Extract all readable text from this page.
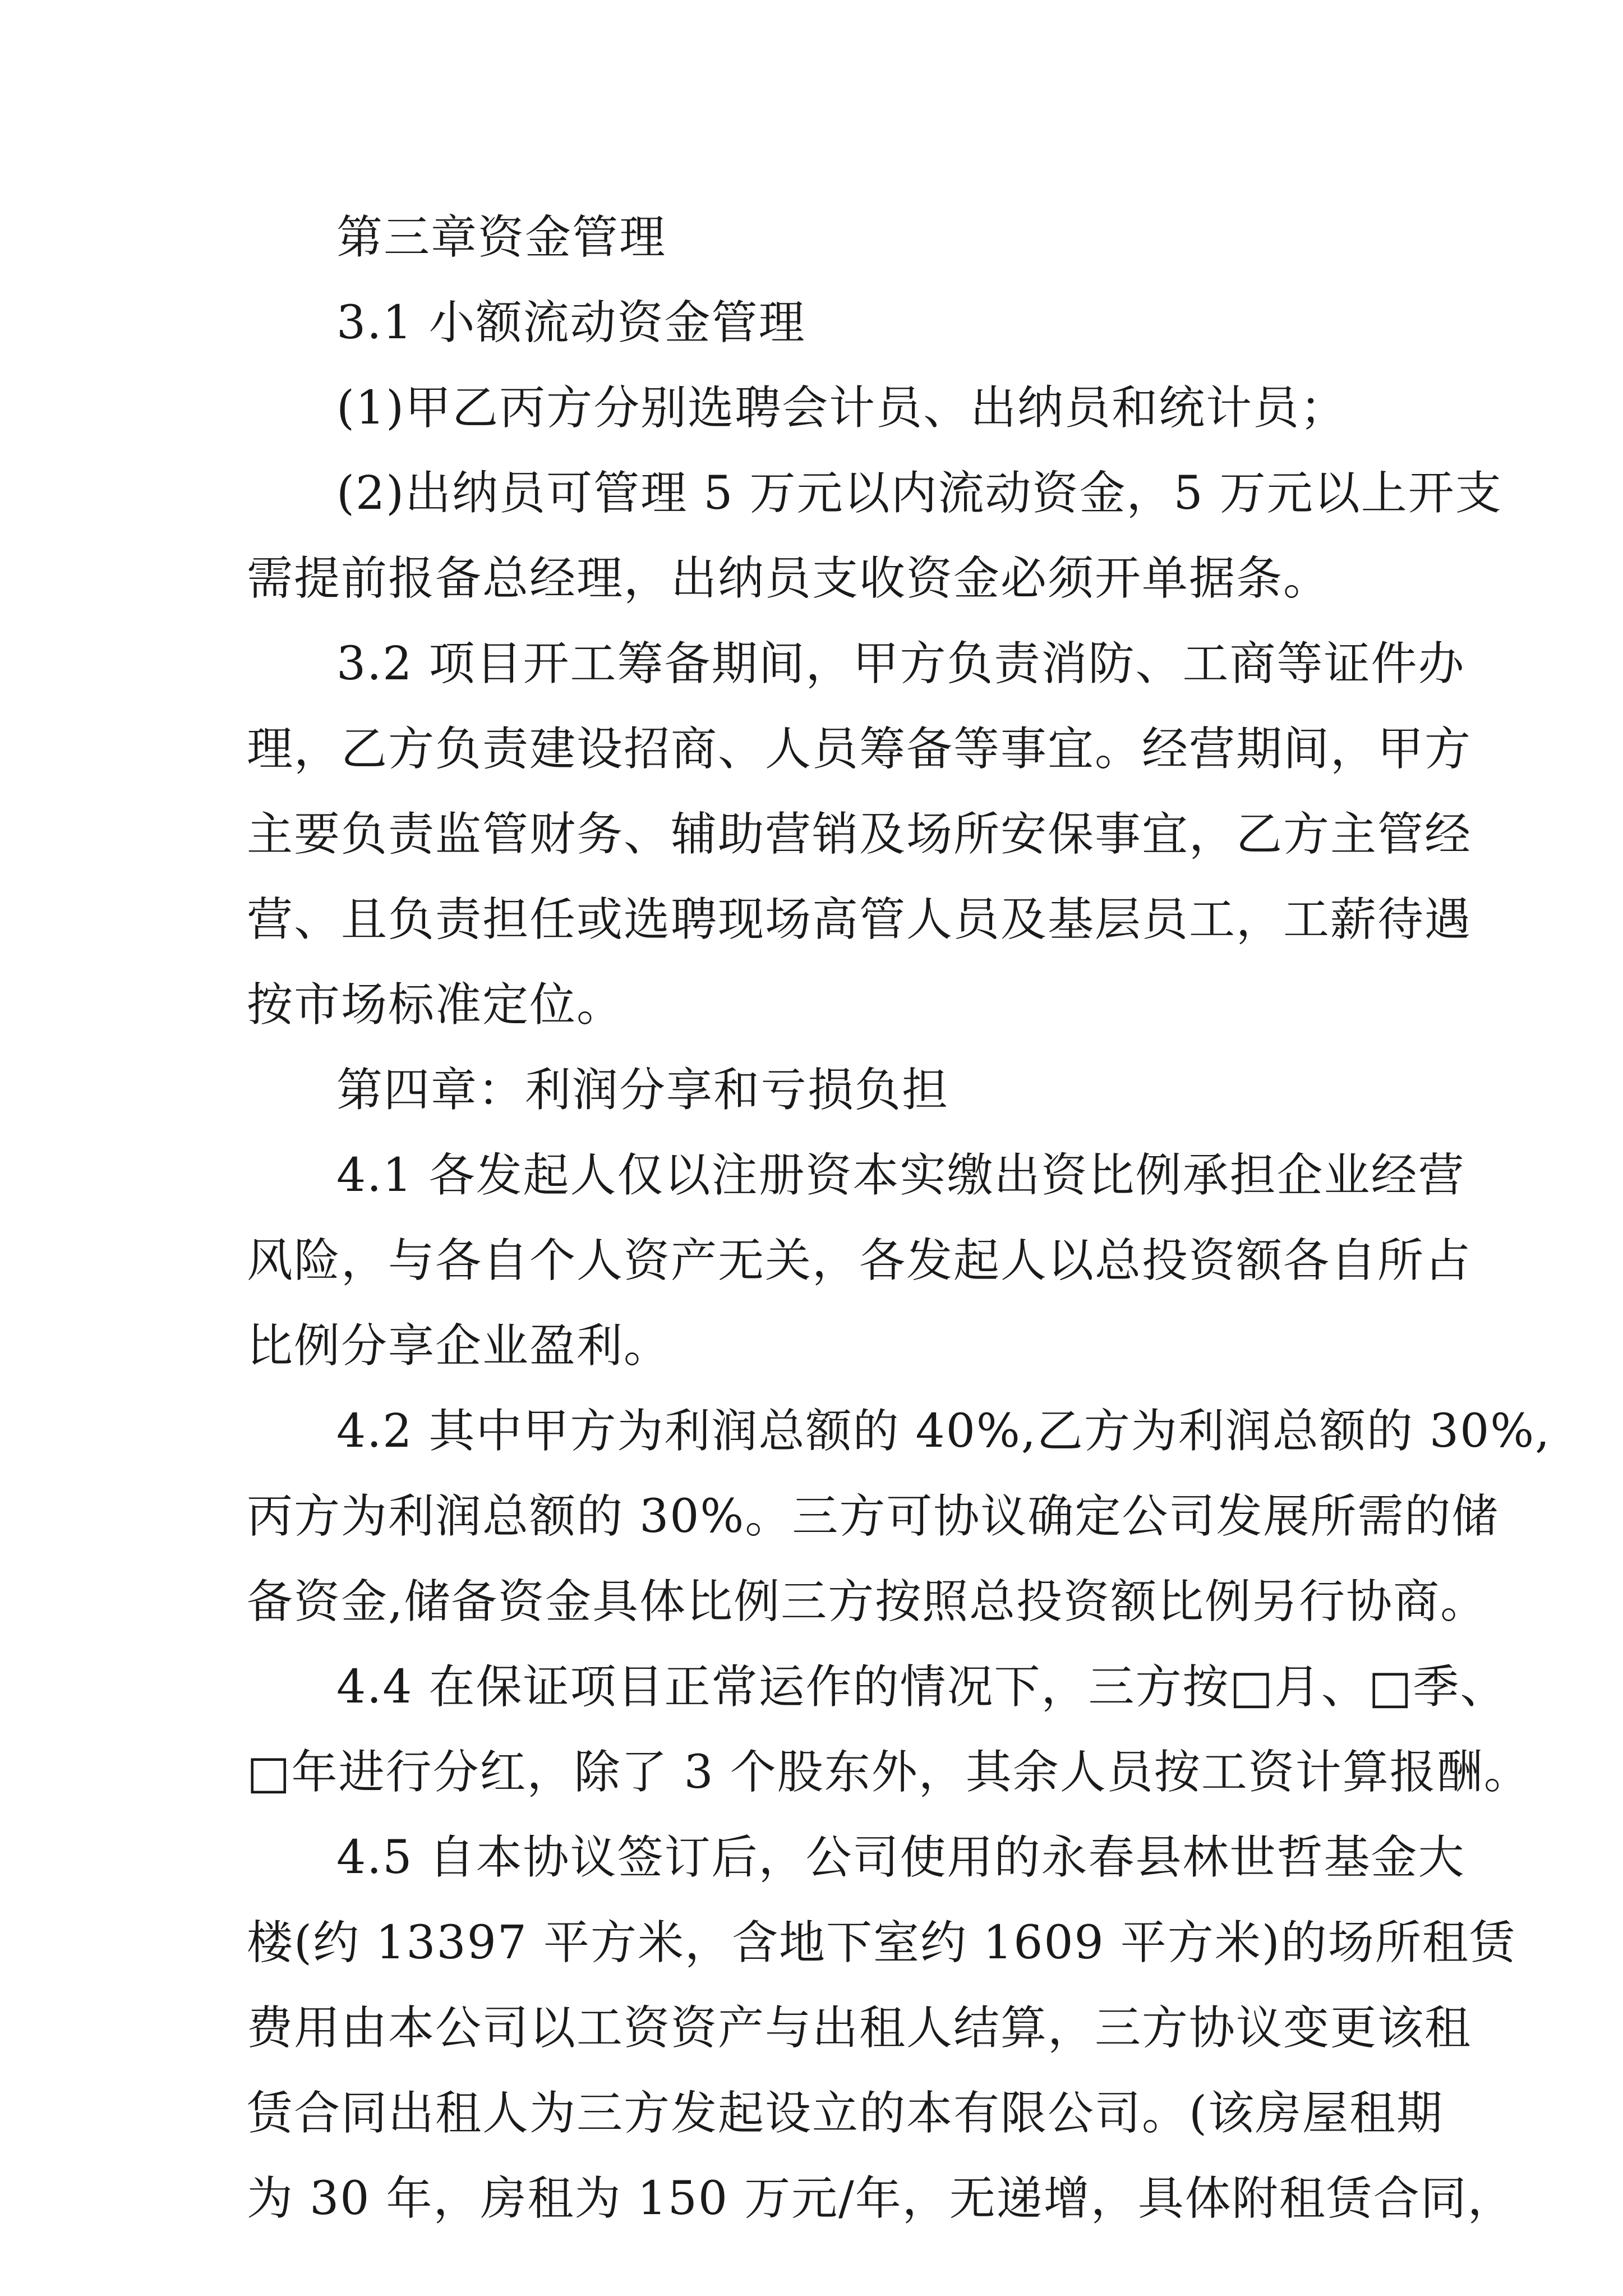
第三章资金管理
3.1 小额流动资金管理
(1)甲乙丙方分别选聘会计员、出纳员和统计员；
(2)出纳员可管理 5 万元以内流动资金，5 万元以上开支
需提前报备总经理，出纳员支收资金必须开单据条。
3.2 项目开工筹备期间，甲方负责消防、工商等证件办
理，乙方负责建设招商、人员筹备等事宜。经营期间，甲方
主要负责监管财务、辅助营销及场所安保事宜，乙方主管经
营、且负责担任或选聘现场高管人员及基层员工，工薪待遇
按市场标准定位。
第四章：利润分享和亏损负担
4.1 各发起人仅以注册资本实缴出资比例承担企业经营
风险，与各自个人资产无关，各发起人以总投资额各自所占
比例分享企业盈利。
4.2 其中甲方为利润总额的 40%,乙方为利润总额的 30%,
丙方为利润总额的 30%。三方可协议确定公司发展所需的储
备资金,储备资金具体比例三方按照总投资额比例另行协商。
4.4 在保证项目正常运作的情况下，三方按□月、□季、
□年进行分红，除了 3 个股东外，其余人员按工资计算报酬。
4.5 自本协议签订后，公司使用的永春县林世哲基金大
楼(约 13397 平方米，含地下室约 1609 平方米)的场所租赁
费用由本公司以工资资产与出租人结算，三方协议变更该租
赁合同出租人为三方发起设立的本有限公司。(该房屋租期
为 30 年，房租为 150 万元/年，无递增，具体附租赁合同，
